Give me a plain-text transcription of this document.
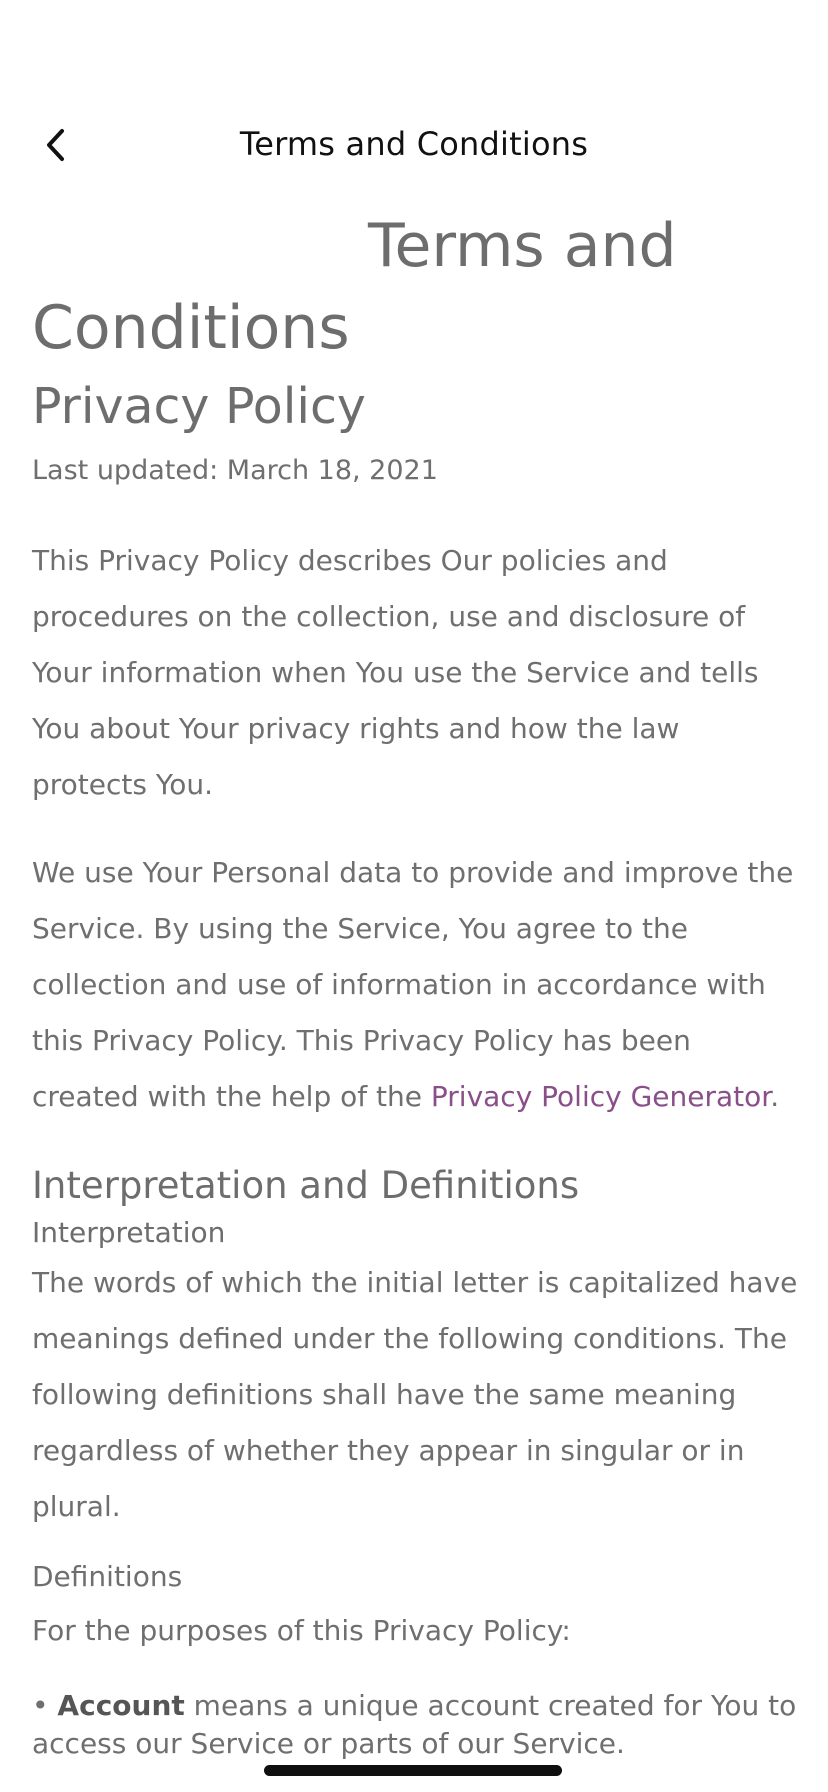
Terms and Conditions
Terms and Conditions
Privacy Policy

Last updated: March 18, 2021

This Privacy Policy describes Our policies and procedures on the collection, use and disclosure of Your information when You use the Service and tells You about Your privacy rights and how the law protects You.

We use Your Personal data to provide and improve the Service. By using the Service, You agree to the collection and use of information in accordance with this Privacy Policy. This Privacy Policy has been created with the help of the Privacy Policy Generator.

Interpretation and Definitions
Interpretation

The words of which the initial letter is capitalized have meanings defined under the following conditions. The following definitions shall have the same meaning regardless of whether they appear in singular or in plural.

Definitions

For the purposes of this Privacy Policy:

• Account means a unique account created for You to access our Service or parts of our Service.
